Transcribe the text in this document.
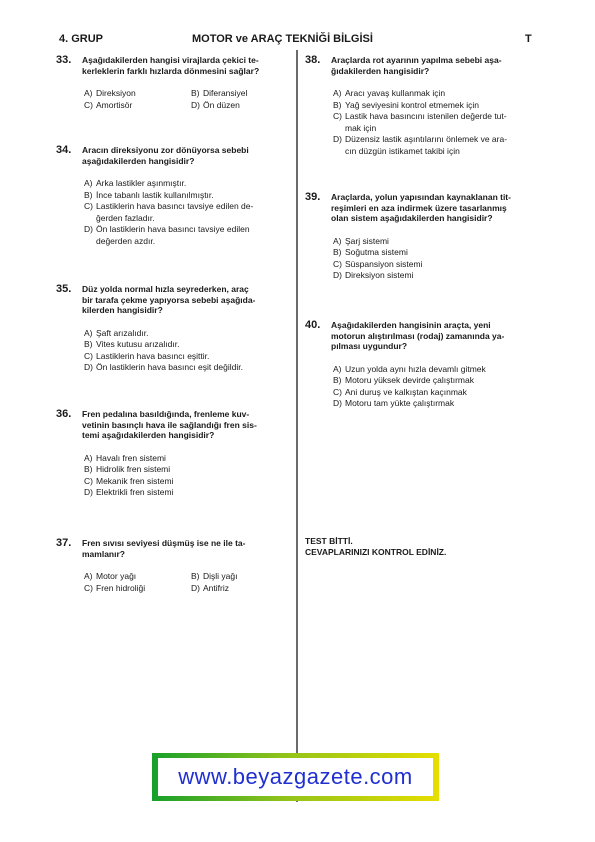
4. GRUP	MOTOR ve ARAÇ TEKNİĞİ BİLGİSİ	T
33.	Aşağıdakilerden hangisi virajlarda çekici te-
kerleklerin farklı hızlarda dönmesini sağlar?
A) Direksiyon	B) Diferansiyel
C) Amortisör	D) Ön düzen
34.	Aracın direksiyonu zor dönüyorsa sebebi
aşağıdakilerden hangisidir?
A) Arka lastikler aşınmıştır.
B) İnce tabanlı lastik kullanılmıştır.
C) Lastiklerin hava basıncı tavsiye edilen de-
ğerden fazladır.
D) Ön lastiklerin hava basıncı tavsiye edilen
değerden azdır.
35.	Düz yolda normal hızla seyrederken, araç
bir tarafa çekme yapıyorsa sebebi aşağıda-
kilerden hangisidir?
A) Şaft arızalıdır.
B) Vites kutusu arızalıdır.
C) Lastiklerin hava basıncı eşittir.
D) Ön lastiklerin hava basıncı eşit değildir.
36.	Fren pedalına basıldığında, frenleme kuv-
vetinin basınçlı hava ile sağlandığı fren sis-
temi aşağıdakilerden hangisidir?
A) Havalı fren sistemi
B) Hidrolik fren sistemi
C) Mekanik fren sistemi
D) Elektrikli fren sistemi
37.	Fren sıvısı seviyesi düşmüş ise ne ile ta-
mamlanır?
A) Motor yağı	B) Dişli yağı
C) Fren hidroliği	D) Antifriz
38.	Araçlarda rot ayarının yapılma sebebi aşa-
ğıdakilerden hangisidir?
A) Aracı yavaş kullanmak için
B) Yağ seviyesini kontrol etmemek için
C) Lastik hava basıncını istenilen değerde tut-
mak için
D) Düzensiz lastik aşıntılarını önlemek ve ara-
cın düzgün istikamet takibi için
39.	Araçlarda, yolun yapısından kaynaklanan tit-
reşimleri en aza indirmek üzere tasarlanmış
olan sistem aşağıdakilerden hangisidir?
A) Şarj sistemi
B) Soğutma sistemi
C) Süspansiyon sistemi
D) Direksiyon sistemi
40.	Aşağıdakilerden hangisinin araçta, yeni
motorun alıştırılması (rodaj) zamanında ya-
pılması uygundur?
A) Uzun yolda aynı hızla devamlı gitmek
B) Motoru yüksek devirde çalıştırmak
C) Ani duruş ve kalkıştan kaçınmak
D) Motoru tam yükte çalıştırmak
TEST BİTTİ.
CEVAPLARINIZI KONTROL EDİNİZ.
www.beyazgazete.com
